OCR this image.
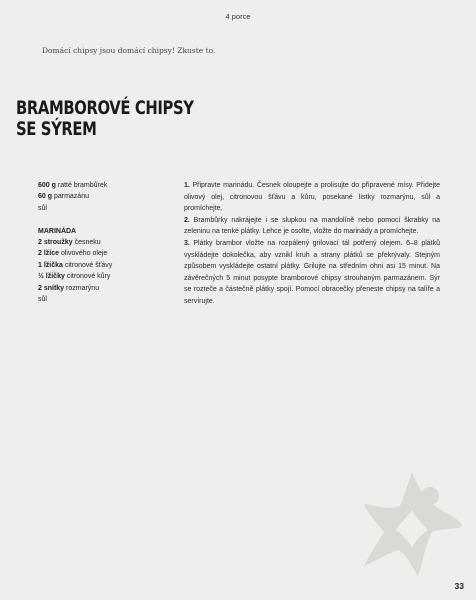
4 porce
Domácí chipsy jsou domácí chipsy! Zkuste to.
BRAMBOROVÉ CHIPSY
SE SÝREM
600 g ratté brambůrek
60 g parmazánu
sůl
MARINÁDA
2 stroužky česneku
2 lžíce olivového oleje
1 lžička citronové šťávy
½ lžičky citronové kůry
2 snítky rozmarýnu
sůl

1. Připravte marinádu. Česnek oloupejte a prolisujte do připravené mísy. Přidejte olivový olej, citronovou šťávu a kůru, posekané lístky rozmarýnu, sůl a promíchejte.

2. Brambůrky nakrájejte i se slupkou na mandolíně nebo pomocí škrabky na zeleninu na tenké plátky. Lehce je osolte, vložte do marinády a promíchejte.

3. Plátky brambor vložte na rozpálený grilovací tál potřený olejem. 6–8 plátků vyskládejte dokolečka, aby vznikl kruh a strany plátků se překrývaly. Stejným způsobem vyskládejte ostatní plátky. Grilujte na středním ohni asi 15 minut. Na závěrečných 5 minut posypte bramborové chipsy strouhaným parmazánem. Sýr se roztečе a částečně plátky spojí. Pomocí obracečky přeneste chipsy na talíře a servírujte.

33
